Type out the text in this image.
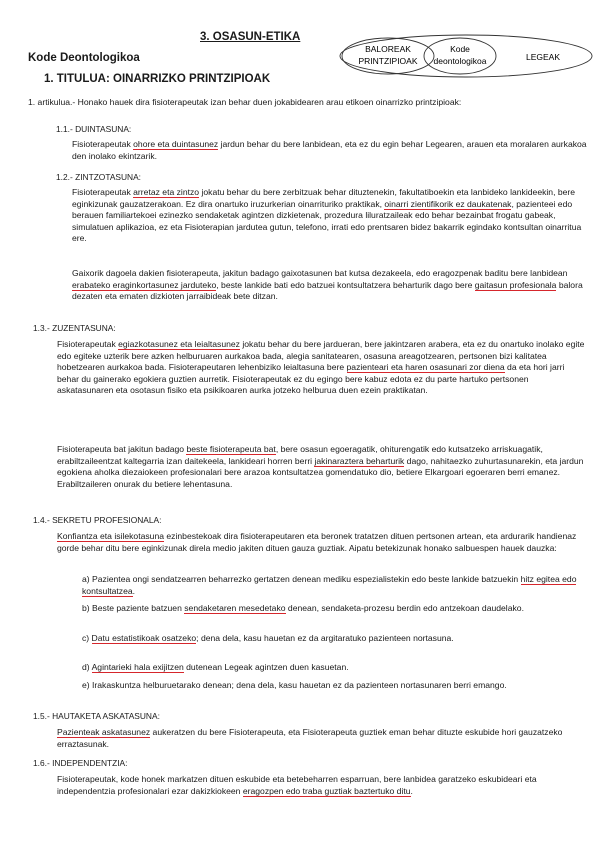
3. OSASUN-ETIKA
Kode Deontologikoa
1. TITULUA: OINARRIZKO PRINTZIPIOAK
BALOREAK
PRINTZIPIOAK
Kode
deontologikoa	LEGEAK
1. artikulua.- Honako hauek dira fisioterapeutak izan behar duen jokabidearen arau etikoen oinarrizko printzipioak:
1.1.- DUINTASUNA:
Fisioterapeutak ohore eta duintasunez jardun behar du bere lanbidean, eta ez du egin behar Legearen, arauen eta moralaren aurkakoa den inolako ekintzarik.
1.2.- ZINTZOTASUNA:
Fisioterapeutak arretaz eta zintzo jokatu behar du bere zerbitzuak behar dituztenekin, fakultatiboekin eta lanbideko lankideekin, bere eginkizunak gauzatzerakoan. Ez dira onartuko iruzurkerian oinarrituriko praktikak, oinarri zientifikorik ez daukatenak, pazienteei edo berauen familiartekoei ezinezko sendaketak agintzen dizkietenak, prozedura liluratzaileak edo behar bezainbat frogatu gabeak, simulatuen aplikazioa, ez eta Fisioterapian jardutea gutun, telefono, irrati edo prentsaren bidez bakarrik egindako kontsultan oinarritua ere.
Gaixorik dagoela dakien fisioterapeuta, jakitun badago gaixotasunen bat kutsa dezakeela, edo eragozpenak baditu bere lanbidean erabateko eraginkortasunez jarduteko, beste lankide bati edo batzuei kontsultatzera beharturik dago bere gaitasun profesionala balora dezaten eta ematen dizkioten jarraibideak bete ditzan.
1.3.- ZUZENTASUNA:
Fisioterapeutak egiazkotasunez eta leialtasunez jokatu behar du bere jardueran, bere jakintzaren arabera, eta ez du onartuko inolako egite edo egiteke uzterik bere azken helburuaren aurkakoa bada, alegia sanitatearen, osasuna areagotzearen, pertsonen bizi kalitatea hobetzearen aurkakoa bada. Fisioterapeutaren lehenbiziko leialtasuna bere pazienteari eta haren osasunari zor diena da eta hori jarri behar du gainerako egokiera guztien aurretik. Fisioterapeutak ez du egingo bere kabuz edota ez du parte hartuko pertsonen askatasunaren eta osotasun fisiko eta psikikoaren aurka jotzeko helburua duen ezein praktikatan.
Fisioterapeuta bat jakitun badago beste fisioterapeuta bat, bere osasun egoeragatik, ohiturengatik edo kutsatzeko arriskuagatik, erabiltzaileentzat kaltegarria izan daitekeela, lankideari horren berri jakinaraztera beharturik dago, nahitaezko zuhurtasunarekin, eta jardun egokiena aholka diezaiokeen profesionalari bere arazoa kontsultatzea gomendatuko dio, betiere Elkargoari egoeraren berri emanez. Erabiltzaileren onurak du betiere lehentasuna.
1.4.- SEKRETU PROFESIONALA:
Konfiantza eta isilekotasuna ezinbestekoak dira fisioterapeutaren eta beronek tratatzen dituen pertsonen artean, eta ardurarik handienaz gorde behar ditu bere eginkizunak direla medio jakiten dituen gauza guztiak. Aipatu betekizunak honako salbuespen hauek dauzka:
a) Pazientea ongi sendatzearren beharrezko gertatzen denean mediku espezialistekin edo beste lankide batzuekin hitz egitea edo kontsultatzea.
b) Beste paziente batzuen sendaketaren mesedetako denean, sendaketa-prozesu berdin edo antzekoan daudelako.
c) Datu estatistikoak osatzeko; dena dela, kasu hauetan ez da argitaratuko pazienteen nortasuna.
d) Agintarieki hala exijitzen dutenean Legeak agintzen duen kasuetan.
e) Irakaskuntza helburuetarako denean; dena dela, kasu hauetan ez da pazienteen nortasunaren berri emango.
1.5.- HAUTAKETA ASKATASUNA:
Pazienteak askatasunez aukeratzen du bere Fisioterapeuta, eta Fisioterapeuta guztiek eman behar dituzte eskubide hori gauzatzeko erraztasunak.
1.6.- INDEPENDENTZIA:
Fisioterapeutak, kode honek markatzen dituen eskubide eta betebeharren esparruan, bere lanbidea garatzeko eskubideari eta independentzia profesionalari ezar dakizkiokeen eragozpen edo traba guztiak baztertuko ditu.
